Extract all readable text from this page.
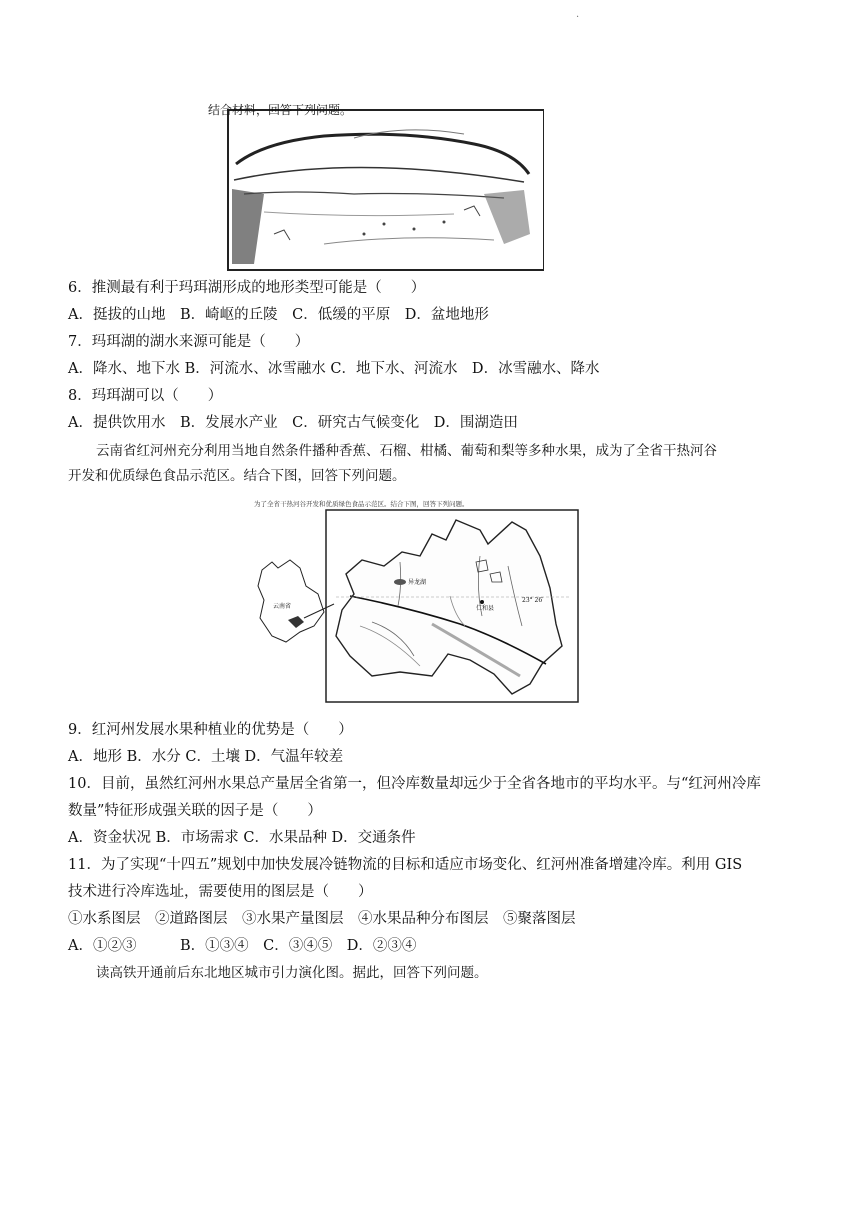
·
结合材料，回答下列问题。
6．推测最有利于玛珥湖形成的地形类型可能是（　　）
A．挺拔的山地　B．崎岖的丘陵　C．低缓的平原　D．盆地地形
7．玛珥湖的湖水来源可能是（　　）
A．降水、地下水 B．河流水、冰雪融水 C．地下水、河流水　D．冰雪融水、降水
8．玛珥湖可以（　　）
A．提供饮用水　B．发展水产业　C．研究古气候变化　D．围湖造田
云南省红河州充分利用当地自然条件播种香蕉、石榴、柑橘、葡萄和梨等多种水果，成为了全省干热河谷
开发和优质绿色食品示范区。结合下图，回答下列问题。
为了全省干热河谷开发和优质绿色食品示范区。结合下图，回答下列问题。
云南省
异龙湖
23° 26′
仁和县
9．红河州发展水果种植业的优势是（　　）
A．地形 B．水分 C．土壤 D．气温年较差
10．目前，虽然红河州水果总产量居全省第一，但冷库数量却远少于全省各地市的平均水平。与“红河州冷库
数量”特征形成强关联的因子是（　　）
A．资金状况 B．市场需求 C．水果品种 D．交通条件
11．为了实现“十四五”规划中加快发展冷链物流的目标和适应市场变化、红河州准备增建冷库。利用 GIS
技术进行冷库选址，需要使用的图层是（　　）
①水系图层　②道路图层　③水果产量图层　④水果品种分布图层　⑤聚落图层
A．①②③　　　B．①③④　C．③④⑤　D．②③④
读高铁开通前后东北地区城市引力演化图。据此，回答下列问题。
